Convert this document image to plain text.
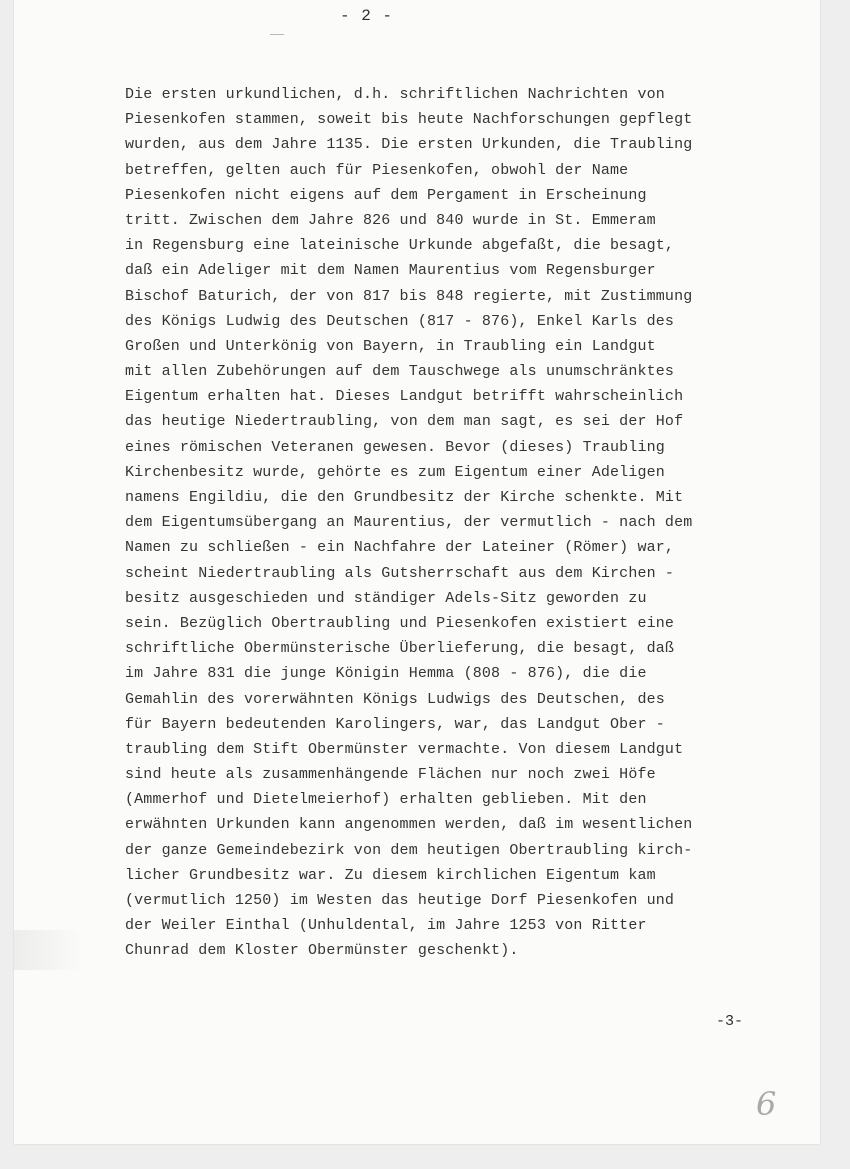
- 2 -
Die ersten urkundlichen, d.h. schriftlichen Nachrichten von
Piesenkofen stammen, soweit bis heute Nachforschungen gepflegt
wurden, aus dem Jahre 1135. Die ersten Urkunden, die Traubling
betreffen, gelten auch für Piesenkofen, obwohl der Name
Piesenkofen nicht eigens auf dem Pergament in Erscheinung
tritt. Zwischen dem Jahre 826 und 840 wurde in St. Emmeram
in Regensburg eine lateinische Urkunde abgefaßt, die besagt,
daß ein Adeliger mit dem Namen Maurentius vom Regensburger
Bischof Baturich, der von 817 bis 848 regierte, mit Zustimmung
des Königs Ludwig des Deutschen (817 - 876), Enkel Karls des
Großen und Unterkönig von Bayern, in Traubling ein Landgut
mit allen Zubehörungen auf dem Tauschwege als unumschränktes
Eigentum erhalten hat. Dieses Landgut betrifft wahrscheinlich
das heutige Niedertraubling, von dem man sagt, es sei der Hof
eines römischen Veteranen gewesen. Bevor (dieses) Traubling
Kirchenbesitz wurde, gehörte es zum Eigentum einer Adeligen
namens Engildiu, die den Grundbesitz der Kirche schenkte. Mit
dem Eigentumsübergang an Maurentius, der vermutlich - nach dem
Namen zu schließen - ein Nachfahre der Lateiner (Römer) war,
scheint Niedertraubling als Gutsherrschaft aus dem Kirchen -
besitz ausgeschieden und ständiger Adels-Sitz geworden zu
sein. Bezüglich Obertraubling und Piesenkofen existiert eine
schriftliche Obermünsterische Überlieferung, die besagt, daß
im Jahre 831 die junge Königin Hemma (808 - 876), die die
Gemahlin des vorerwähnten Königs Ludwigs des Deutschen, des
für Bayern bedeutenden Karolingers, war, das Landgut Ober -
traubling dem Stift Obermünster vermachte. Von diesem Landgut
sind heute als zusammenhängende Flächen nur noch zwei Höfe
(Ammerhof und Dietelmeierhof) erhalten geblieben. Mit den
erwähnten Urkunden kann angenommen werden, daß im wesentlichen
der ganze Gemeindebezirk von dem heutigen Obertraubling kirch-
licher Grundbesitz war. Zu diesem kirchlichen Eigentum kam
(vermutlich 1250) im Westen das heutige Dorf Piesenkofen und
der Weiler Einthal (Unhuldental, im Jahre 1253 von Ritter
Chunrad dem Kloster Obermünster geschenkt).
-3-
6
